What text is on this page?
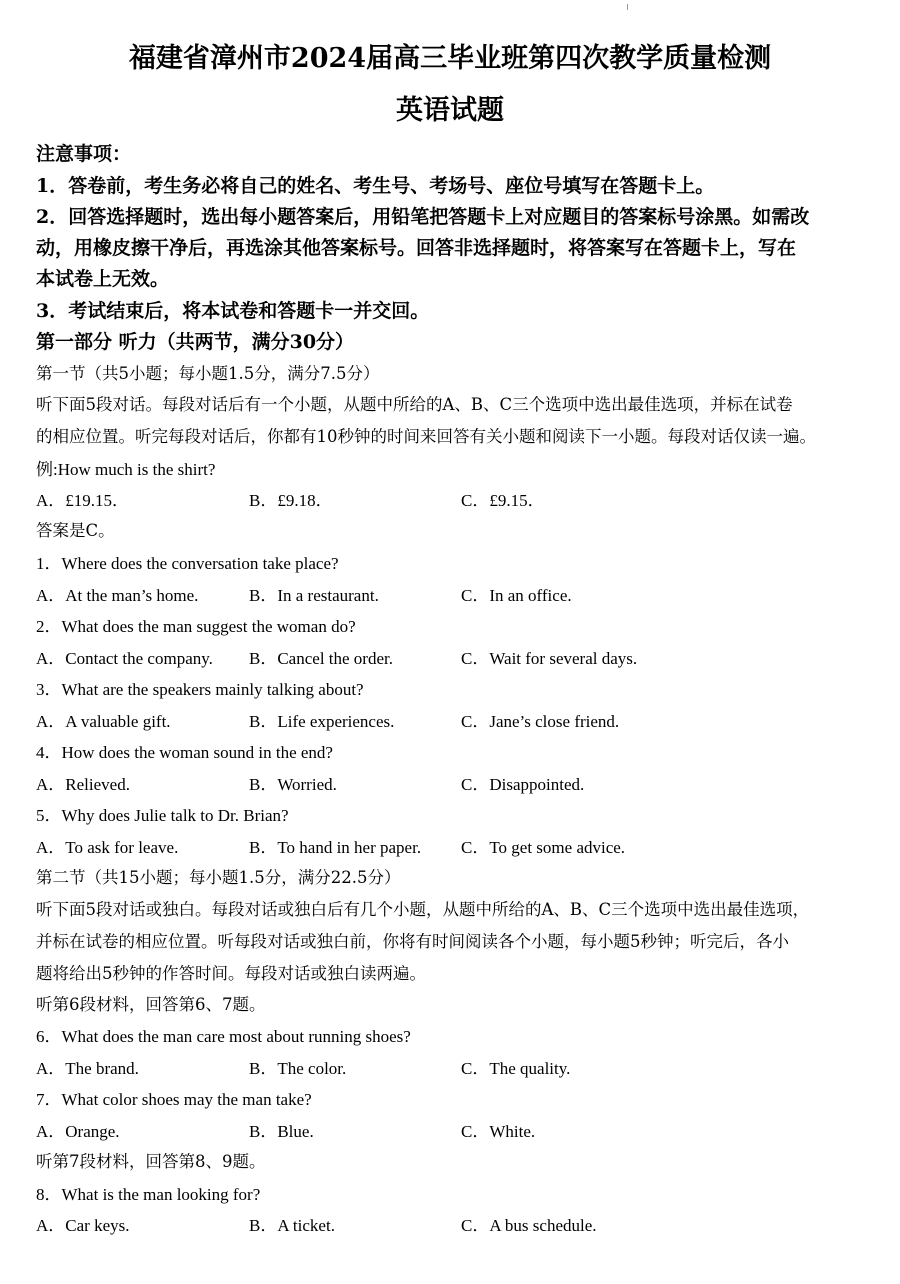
福建省漳州市2024届高三毕业班第四次教学质量检测
英语试题
注意事项：
1．答卷前，考生务必将自己的姓名、考生号、考场号、座位号填写在答题卡上。
2．回答选择题时，选出每小题答案后，用铅笔把答题卡上对应题目的答案标号涂黑。如需改
动，用橡皮擦干净后，再选涂其他答案标号。回答非选择题时，将答案写在答题卡上，写在
本试卷上无效。
3．考试结束后，将本试卷和答题卡一并交回。
第一部分 听力（共两节，满分30分）
第一节（共5小题；每小题1.5分，满分7.5分）
听下面5段对话。每段对话后有一个小题，从题中所给的A、B、C三个选项中选出最佳选项，并标在试卷
的相应位置。听完每段对话后，你都有10秒钟的时间来回答有关小题和阅读下一小题。每段对话仅读一遍。
例:How much is the shirt?
A．£19.15．	B．£9.18．	C．£9.15．
答案是C。
1．Where does the conversation take place?
A．At the man’s home.	B．In a restaurant.	C．In an office.
2．What does the man suggest the woman do?
A．Contact the company. B．Cancel the order.	C．Wait for several days.
3．What are the speakers mainly talking about?
A．A valuable gift.	B．Life experiences.	C．Jane’s close friend.
4．How does the woman sound in the end?
A．Relieved.	B．Worried.	C．Disappointed.
5．Why does Julie talk to Dr. Brian?
A．To ask for leave.	B．To hand in her paper. C．To get some advice.
第二节（共15小题；每小题1.5分，满分22.5分）
听下面5段对话或独白。每段对话或独白后有几个小题，从题中所给的A、B、C三个选项中选出最佳选项，
并标在试卷的相应位置。听每段对话或独白前，你将有时间阅读各个小题，每小题5秒钟；听完后，各小
题将给出5秒钟的作答时间。每段对话或独白读两遍。
听第6段材料，回答第6、7题。
6．What does the man care most about running shoes?
A．The brand.	B．The color.	C．The quality.
7．What color shoes may the man take?
A．Orange.	B．Blue.	C．White.
听第7段材料，回答第8、9题。
8．What is the man looking for?
A．Car keys.	B．A ticket.	C．A bus schedule.
